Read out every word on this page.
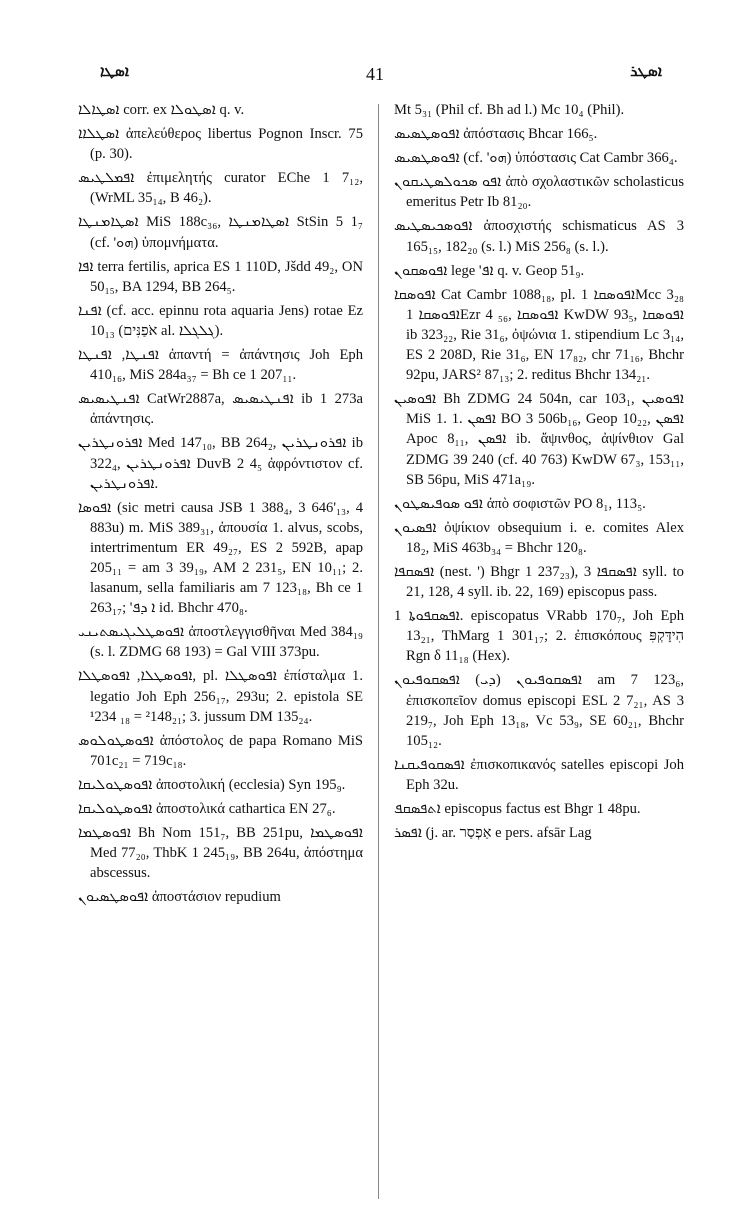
ܐܣܛܐ	41	ܐܣܛܪ

ܐܣܛܐܠܐ corr. ex ܐܣܛܘܠܐ q. v.

ܐܣܛܠܐܐ ἀπελεύθερος libertus Pognon Inscr. 75 (p. 30).

ܐܦܡܠܛܝܣ ἐπιμελητής curator EChe 1 7₁₂, (WrML 35₁₄, B 46₂).

ܐܣܛܐܡܢܛܐ MiS 188c₃₆, ܐܣܛܐܡܢܛܐ StSin 5 1₇ (cf. 'ܗܘ) ὑπομνήματα.

ܐܦܐ terra fertilis, aprica ES 1 110D, Jšdd 49₂, ON 50₁₅, BA 1294, BB 264₅.

ܐܦܢܐ (cf. acc. epinnu rota aquaria Jens) rotae Ez 10₁₃ (אֹפַנִּים al. ܓܠܓܠܐ).

ܐܦܢܛܐ, ܐܦܢܛܐ ἀπαντή = ἀπάντησις Joh Eph 410₁₆, MiS 284a₃₇ = Bh ce 1 207₁₁.

ܐܦܢܛܝܣܝܣ CatWr2887a, ܐܦܢܛܝܣܝܣ ib 1 273a ἀπάντησις.

ܐܦܪܘܢܛܪܝܢ Med 147₁₀, BB 264₂, ܐܦܪܘܢܛܪܝܢ ib 322₄, ܐܦܪܘܢܛܪܝܢ DuvB 2 4₅ ἀφρόντιστον cf. ܐܦܪܘܢܛܪܝܢ.

ܐܦܘܣܐ (sic metri causa JSB 1 388₄, 3 646'₁₃, 4 883u) m. MiS 389₃₁, ἀπουσία 1. alvus, scobs, intertrimentum ER 49₂₇, ES 2 592B, apap 205₁₁ = am 3 39₁₉, AM 2 231₅, EN 10₁₁; 2. lasanum, sella familiaris am 7 123₁₈, Bh ce 1 263₁₇; 'ܐ ܕܦ id. Bhchr 470₈.

ܐܦܘܣܛܠܝܓܝܣܬܝܢܝ ἀποστλεγγισθῆναι Med 384₁₉ (s. l. ZDMG 68 193) = Gal VIII 373pu.

ܐܦܘܣܛܠܐ, ܐܦܘܣܛܠܐ, pl. ܐܦܘܣܛܠܐ ἐπίσταλμα 1. legatio Joh Eph 256₁₇, 293u; 2. epistola SE ¹234 ₁₈ = ²148₂₁; 3. jussum DM 135₂₄.

ܐܦܘܣܛܘܠܘܣ ἀπόστολος de papa Romano MiS 701c₂₁ = 719c₁₈.

ܐܦܘܣܛܘܠܝܩܐ ἀποστολική (ecclesia) Syn 195₉.

ܐܦܘܣܛܘܠܝܩܐ ἀποστολικά cathartica EN 27₆.

ܐܦܘܣܛܡܐ Bh Nom 151₇, BB 251pu, ܐܦܘܣܛܡܐ Med 77₂₀, ThbK 1 245₁₉, BB 264u, ἀπόστημα abscessus.

ܐܦܘܣܛܣܝܘܢ ἀποστάσιον repudium

Mt 5₃₁ (Phil cf. Bh ad l.) Mc 10₄ (Phil).

ܐܦܘܣܛܣܝܣ ἀπόστασις Bhcar 166₅.

ܐܦܘܣܛܣܝܣ (cf. 'ܗܘ) ὑπόστασις Cat Cambr 366₄.

ܐܦܘ ܣܟܘܠܣܛܝܩܘܢ ἀπὸ σχολαστικῶν scholasticus emeritus Petr Ib 81₂₀.

ܐܦܘܣܟܝܣܛܝܣ ἀποσχιστής schismaticus AS 3 165₁₅, 182₂₀ (s. l.) MiS 256₈ (s. l.).

ܐܦܘܣܩܘܢ lege 'ܐܦ q. v. Geop 51₉.

ܐܦܘܣܩܐ Cat Cambr 1088₁₈, pl. ܐܦܘܣܩܐ 1Mcc 3₂₈ ܐܦܘܣܩܐ 1Ezr 4 ₅₆, ܐܦܘܣܩܐ KwDW 93₅, ܐܦܘܣܩܐ ib 323₂₂, Rie 31₆, ὀψώνια 1. stipendium Lc 3₁₄, ES 2 208D, Rie 31₆, EN 17₈₂, chr 71₁₆, Bhchr 92pu, JARS² 87₁₃; 2. reditus Bhchr 134₂₁.

ܐܦܘܣܝܢ Bh ZDMG 24 504n, car 103₁, ܐܦܘܣܝܢ MiS 1. 1. ܐܦܣܢ BO 3 506b₁₆, Geop 10₂₂, ܐܦܣܢ Apoc 8₁₁, ܐܦܣܢ ib. ἄψινθος, ἀψίνθιον Gal ZDMG 39 240 (cf. 40 763) KwDW 67₃, 153₁₁, SB 56pu, MiS 471a₁₉.

ܐܦܘ ܣܘܦܝܣܛܘܢ ἀπὸ σοφιστῶν PO 8₁, 113₅.

ܐܦܣܝܘܢ ὀψίκιον obsequium i. e. comites Alex 18₂, MiS 463b₃₄ = Bhchr 120₈.

ܐܦܣܩܦܐ (nest. ') Bhgr 1 237₂₃), ܐܦܣܩܦܐ 3 syll. to 21, 128, 4 syll. ib. 22, 169) episcopus pass.

ܐܦܣܩܦܘܬܐ 1. episcopatus VRabb 170₇, Joh Eph 13₂₁, ThMarg 1 301₁₇; 2. ἐπισκόπους הִידָּקְפִּ Rgn δ 11₁₈ (Hex).

ܐܦܣܩܘܦܝܘܢ (ܕܝ) ܐܦܣܩܘܦܝܘܢ am 7 123₆, ἐπισκοπεῖον domus episcopi ESL 2 7₂₁, AS 3 219₇, Joh Eph 13₁₈, Vc 53₉, SE 60₂₁, Bhchr 105₁₂.

ܐܦܣܩܘܦܝܩܢܐ ἐπισκοπικανός satelles episcopi Joh Eph 32u.

ܐܬܦܣܩܦ episcopus factus est Bhgr 1 48pu.

ܐܦܣܪ (j. ar. אַפְסַר e pers. afsār Lag
